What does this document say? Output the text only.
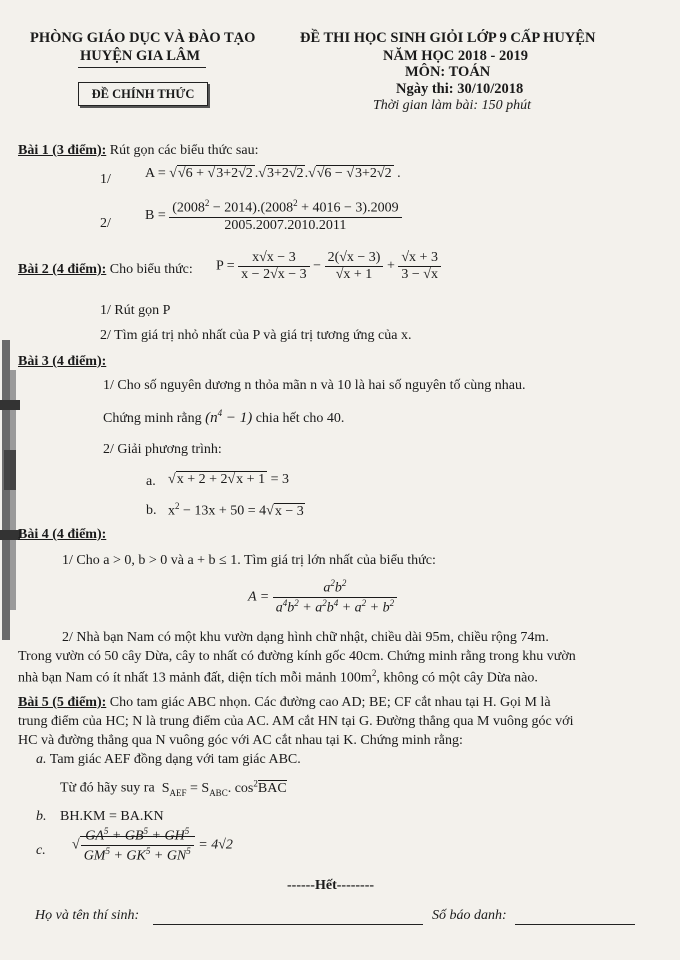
PHÒNG GIÁO DỤC VÀ ĐÀO TẠO
HUYỆN GIA LÂM
ĐỀ CHÍNH THỨC
ĐỀ THI HỌC SINH GIỎI LỚP 9 CẤP HUYỆN
NĂM HỌC 2018 - 2019
MÔN: TOÁN
Ngày thi: 30/10/2018
Thời gian làm bài: 150 phút
Bài 1 (3 điểm): Rút gọn các biểu thức sau:
1/ A = √√6 + √3+2√2 .√3+2√2.√√6 − √3+2√2 .
2/
$B = \frac{(2008^2 - 2014).(2008^2 + 4016 - 3).2009}{2005.2007.2010.2011}$
Bài 2 (4 điểm): Cho biểu thức: $P = \frac{x√x - 3}{x - 2√x - 3} - \frac{2(√x - 3)}{√x + 1} + \frac{√x + 3}{3 - √x}$
1/ Rút gọn P
2/ Tìm giá trị nhỏ nhất của P và giá trị tương ứng của x.
Bài 3 (4 điểm):
1/ Cho số nguyên dương n thỏa mãn n và 10 là hai số nguyên tố cùng nhau.
Chứng minh rằng $(n^4 - 1)$ chia hết cho 40.
2/ Giải phương trình:
a. √x + 2 + 2√x + 1 = 3
b. $x^2 - 13x + 50 = 4√x - 3$
Bài 4 (4 điểm):
1/ Cho a > 0, b > 0 và a + b ≤ 1. Tìm giá trị lớn nhất của biểu thức:
$A = \frac{a^2b^2}{a^4b^2 + a^2b^4 + a^2 + b^2}$
2/ Nhà bạn Nam có một khu vườn dạng hình chữ nhật, chiều dài 95m, chiều rộng 74m.
Trong vườn có 50 cây Dừa, cây to nhất có đường kính gốc 40cm. Chứng minh rằng trong khu vườn
nhà bạn Nam có ít nhất 13 mảnh đất, diện tích mỗi mảnh $100m^2$, không có một cây Dừa nào.
Bài 5 (5 điểm): Cho tam giác ABC nhọn. Các đường cao AD; BE; CF cắt nhau tại H. Gọi M là
trung điểm của HC; N là trung điểm của AC. AM cắt HN tại G. Đường thẳng qua M vuông góc với
HC và đường thẳng qua N vuông góc với AC cắt nhau tại K. Chứng minh rằng:
a. Tam giác AEF đồng dạng với tam giác ABC.
Từ đó hãy suy ra  $S_{AEF} = S_{ABC}$. $\cos^2BAC$
b. BH.KM = BA.KN
c. √ $\frac{GA^5 + GB^5 + GH^5}{GM^5 + GK^5 + GN^5} = 4√2$
------Hết--------
Họ và tên thí sinh:	Số báo danh:
